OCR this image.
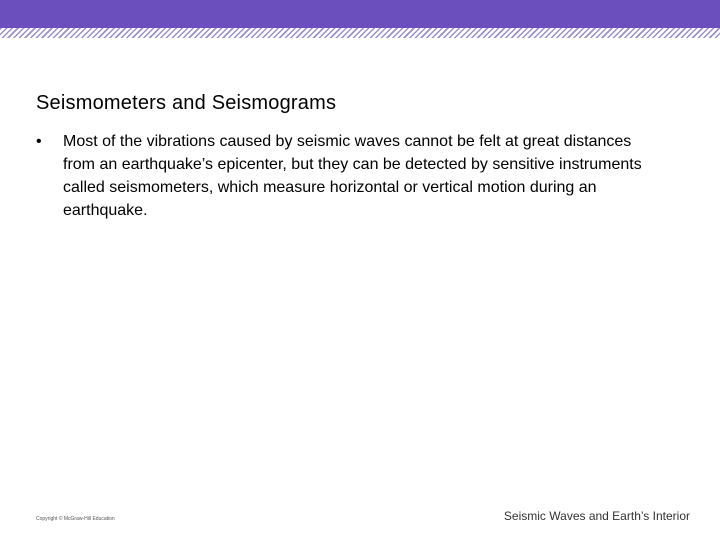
Seismometers and Seismograms
•	Most of the vibrations caused by seismic waves cannot be felt at great distances from an earthquake’s epicenter, but they can be detected by sensitive instruments called seismometers, which measure horizontal or vertical motion during an earthquake.
Copyright © McGraw-Hill Education	Seismic Waves and Earth’s Interior
